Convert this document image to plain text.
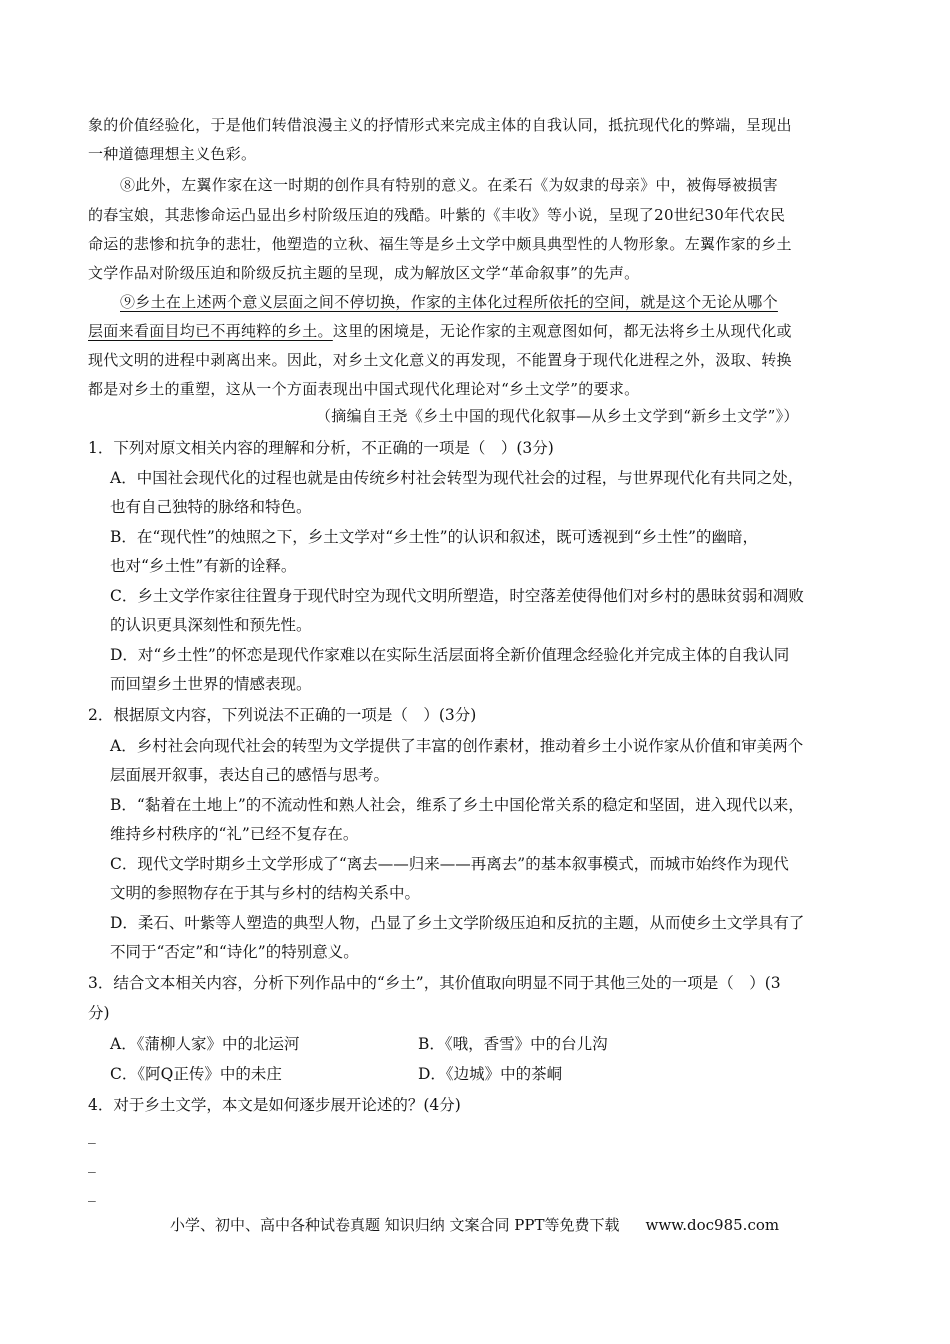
象的价值经验化，于是他们转借浪漫主义的抒情形式来完成主体的自我认同，抵抗现代化的弊端，呈现出
一种道德理想主义色彩。
⑧此外，左翼作家在这一时期的创作具有特别的意义。在柔石《为奴隶的母亲》中，被侮辱被损害
的春宝娘，其悲惨命运凸显出乡村阶级压迫的残酷。叶紫的《丰收》等小说，呈现了20世纪30年代农民
命运的悲惨和抗争的悲壮，他塑造的立秋、福生等是乡土文学中颇具典型性的人物形象。左翼作家的乡土
文学作品对阶级压迫和阶级反抗主题的呈现，成为解放区文学“革命叙事”的先声。
⑨乡土在上述两个意义层面之间不停切换，作家的主体化过程所依托的空间，就是这个无论从哪个
层面来看面目均已不再纯粹的乡土。这里的困境是，无论作家的主观意图如何，都无法将乡土从现代化或
现代文明的进程中剥离出来。因此，对乡土文化意义的再发现，不能置身于现代化进程之外，汲取、转换
都是对乡土的重塑，这从一个方面表现出中国式现代化理论对“乡土文学”的要求。
（摘编自王尧《乡土中国的现代化叙事—从乡土文学到“新乡土文学”》）
1．下列对原文相关内容的理解和分析，不正确的一项是（　）(3分)
A．中国社会现代化的过程也就是由传统乡村社会转型为现代社会的过程，与世界现代化有共同之处，
也有自己独特的脉络和特色。
B．在“现代性”的烛照之下，乡土文学对“乡土性”的认识和叙述，既可透视到“乡土性”的幽暗，
也对“乡土性”有新的诠释。
C．乡土文学作家往往置身于现代时空为现代文明所塑造，时空落差使得他们对乡村的愚昧贫弱和凋败
的认识更具深刻性和预先性。
D．对“乡土性”的怀恋是现代作家难以在实际生活层面将全新价值理念经验化并完成主体的自我认同
而回望乡土世界的情感表现。
2．根据原文内容，下列说法不正确的一项是（　）(3分)
A．乡村社会向现代社会的转型为文学提供了丰富的创作素材，推动着乡土小说作家从价值和审美两个
层面展开叙事，表达自己的感悟与思考。
B．“黏着在土地上”的不流动性和熟人社会，维系了乡土中国伦常关系的稳定和坚固，进入现代以来，
维持乡村秩序的“礼”已经不复存在。
C．现代文学时期乡土文学形成了“离去——归来——再离去”的基本叙事模式，而城市始终作为现代
文明的参照物存在于其与乡村的结构关系中。
D．柔石、叶紫等人塑造的典型人物，凸显了乡土文学阶级压迫和反抗的主题，从而使乡土文学具有了
不同于“否定”和“诗化”的特别意义。
3．结合文本相关内容，分析下列作品中的“乡土”，其价值取向明显不同于其他三处的一项是（　）(3
分)
A．《蒲柳人家》中的北运河	B．《哦，香雪》中的台儿沟
C．《阿Q正传》中的未庄	D．《边城》中的茶峒
4．对于乡土文学，本文是如何逐步展开论述的？(4分)
_
_
_
小学、初中、高中各种试卷真题 知识归纳 文案合同 PPT等免费下载 www.doc985.com
